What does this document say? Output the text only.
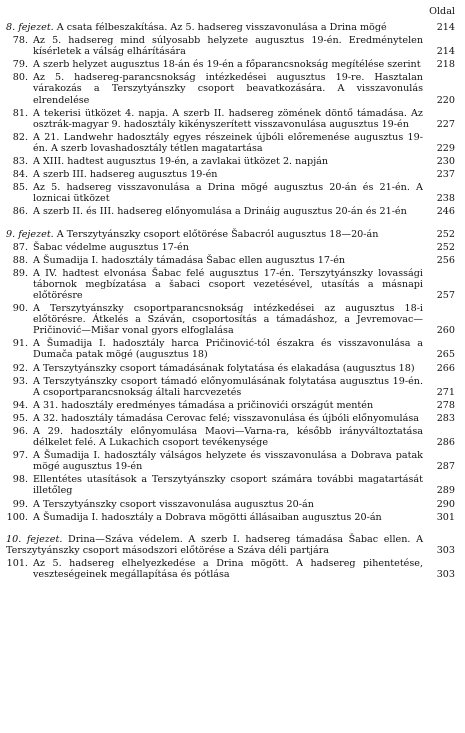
Oldal
8. fejezet. A csata félbeszakítása. Az 5. hadsereg visszavonulása a Drina mögé	214
78. Az 5. hadsereg mind súlyosabb helyzete augusztus 19-én. Eredménytelen kísérletek a válság elhárítására	214
79. A szerb helyzet augusztus 18-án és 19-én a főparancsnokság megítélése szerint	218
80. Az 5. hadsereg-parancsnokság intézkedései augusztus 19-re. Hasztalan várakozás a Terszytyánszky csoport beavatkozására. A visszavonulás elrendelése	220
81. A tekerisi ütközet 4. napja. A szerb II. hadsereg zömének döntő támadása. Az osztrák-magyar 9. hadosztály kikényszerített visszavonulása augusztus 19-én	227
82. A 21. Landwehr hadosztály egyes részeinek újbóli előremenése augusztus 19-én. A szerb lovashadosztály tétlen magatartása	229
83. A XIII. hadtest augusztus 19-én, a zavlakai ütközet 2. napján	230
84. A szerb III. hadsereg augusztus 19-én	237
85. Az 5. hadsereg visszavonulása a Drina mögé augusztus 20-án és 21-én. A loznicai ütközet	238
86. A szerb II. és III. hadsereg előnyomulása a Drináig augusztus 20-án és 21-én	246
9. fejezet. A Terszytyánszky csoport előtörése Šabacról augusztus 18—20-án	252
87. Šabac védelme augusztus 17-én	252
88. A Šumadija I. hadosztály támadása Šabac ellen augusztus 17-én	256
89. A IV. hadtest elvonása Šabac felé augusztus 17-én. Terszytyánszky lovassági tábornok megbízatása a šabaci csoport vezetésével, utasítás a másnapi előtörésre	257
90. A Terszytyánszky csoportparancsnokság intézkedései az augusztus 18-i előtörésre. Átkelés a Száván, csoportosítás a támadáshoz, a Jevremovac—Pričinović—Mišar vonal gyors elfoglalása	260
91. A Šumadija I. hadosztály harca Pričinović-tól északra és visszavonulása a Dumača patak mögé (augusztus 18)	265
92. A Terszytyánszky csoport támadásának folytatása és elakadása (augusztus 18)	266
93. A Terszytyánszky csoport támadó előnyomulásának folytatása augusztus 19-én. A csoportparancsnokság általi harcvezetés	271
94. A 31. hadosztály eredményes támadása a pričinovići országút mentén	278
95. A 32. hadosztály támadása Cerovac felé; visszavonulása és újbóli előnyomulása	283
96. A 29. hadosztály előnyomulása Maovi—Varna-ra, később irányváltoztatása délkelet felé. A Lukachich csoport tevékenysége	286
97. A Šumadija I. hadosztály válságos helyzete és visszavonulása a Dobrava patak mögé augusztus 19-én	287
98. Ellentétes utasítások a Terszytyánszky csoport számára további magatartását illetőleg	289
99. A Terszytyánszky csoport visszavonulása augusztus 20-án	290
100. A Šumadija I. hadosztály a Dobrava mögötti állásaiban augusztus 20-án	301
10. fejezet. Drina—Száva védelem. A szerb I. hadsereg támadása Šabac ellen. A Terszytyánszky csoport másodszori előtörése a Száva déli partjára	303
101. Az 5. hadsereg elhelyezkedése a Drina mögött. A hadsereg pihentetése, veszteségeinek megállapítása és pótlása	303
